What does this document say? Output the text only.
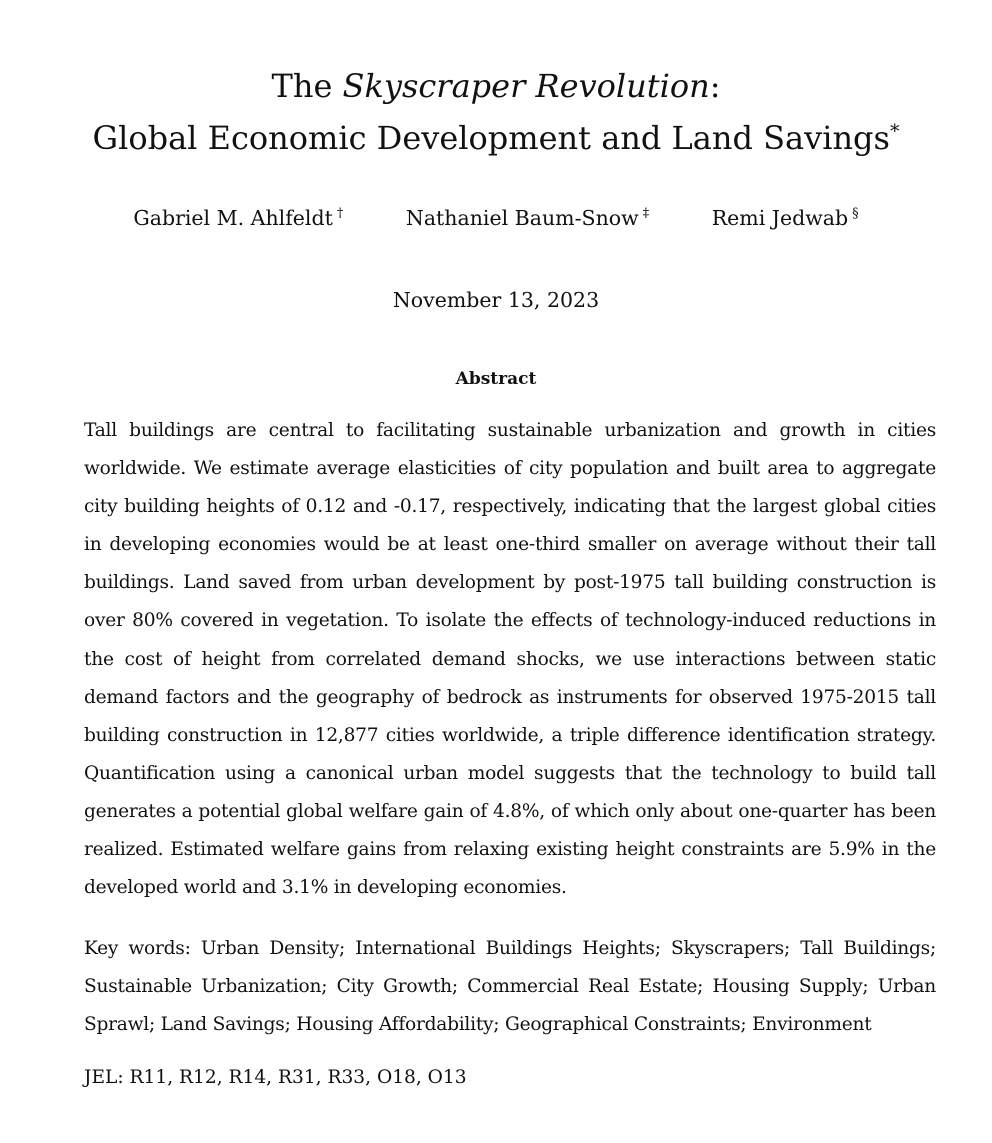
The Skyscraper Revolution:
Global Economic Development and Land Savings*
Gabriel M. Ahlfeldt †	Nathaniel Baum-Snow ‡	Remi Jedwab §
November 13, 2023
Abstract
Tall buildings are central to facilitating sustainable urbanization and growth in cities worldwide. We estimate average elasticities of city population and built area to aggregate city building heights of 0.12 and -0.17, respectively, indicating that the largest global cities in developing economies would be at least one-third smaller on average without their tall buildings. Land saved from urban development by post-1975 tall building construction is over 80% covered in vegetation. To isolate the effects of technology-induced reductions in the cost of height from correlated demand shocks, we use interactions between static demand factors and the geography of bedrock as instruments for observed 1975-2015 tall building construction in 12,877 cities worldwide, a triple difference identification strategy. Quantification using a canonical urban model suggests that the technology to build tall generates a potential global welfare gain of 4.8%, of which only about one-quarter has been realized. Estimated welfare gains from relaxing existing height constraints are 5.9% in the developed world and 3.1% in developing economies.
Key words: Urban Density; International Buildings Heights; Skyscrapers; Tall Buildings; Sustainable Urbanization; City Growth; Commercial Real Estate; Housing Supply; Urban Sprawl; Land Savings; Housing Affordability; Geographical Constraints; Environment
JEL: R11, R12, R14, R31, R33, O18, O13
